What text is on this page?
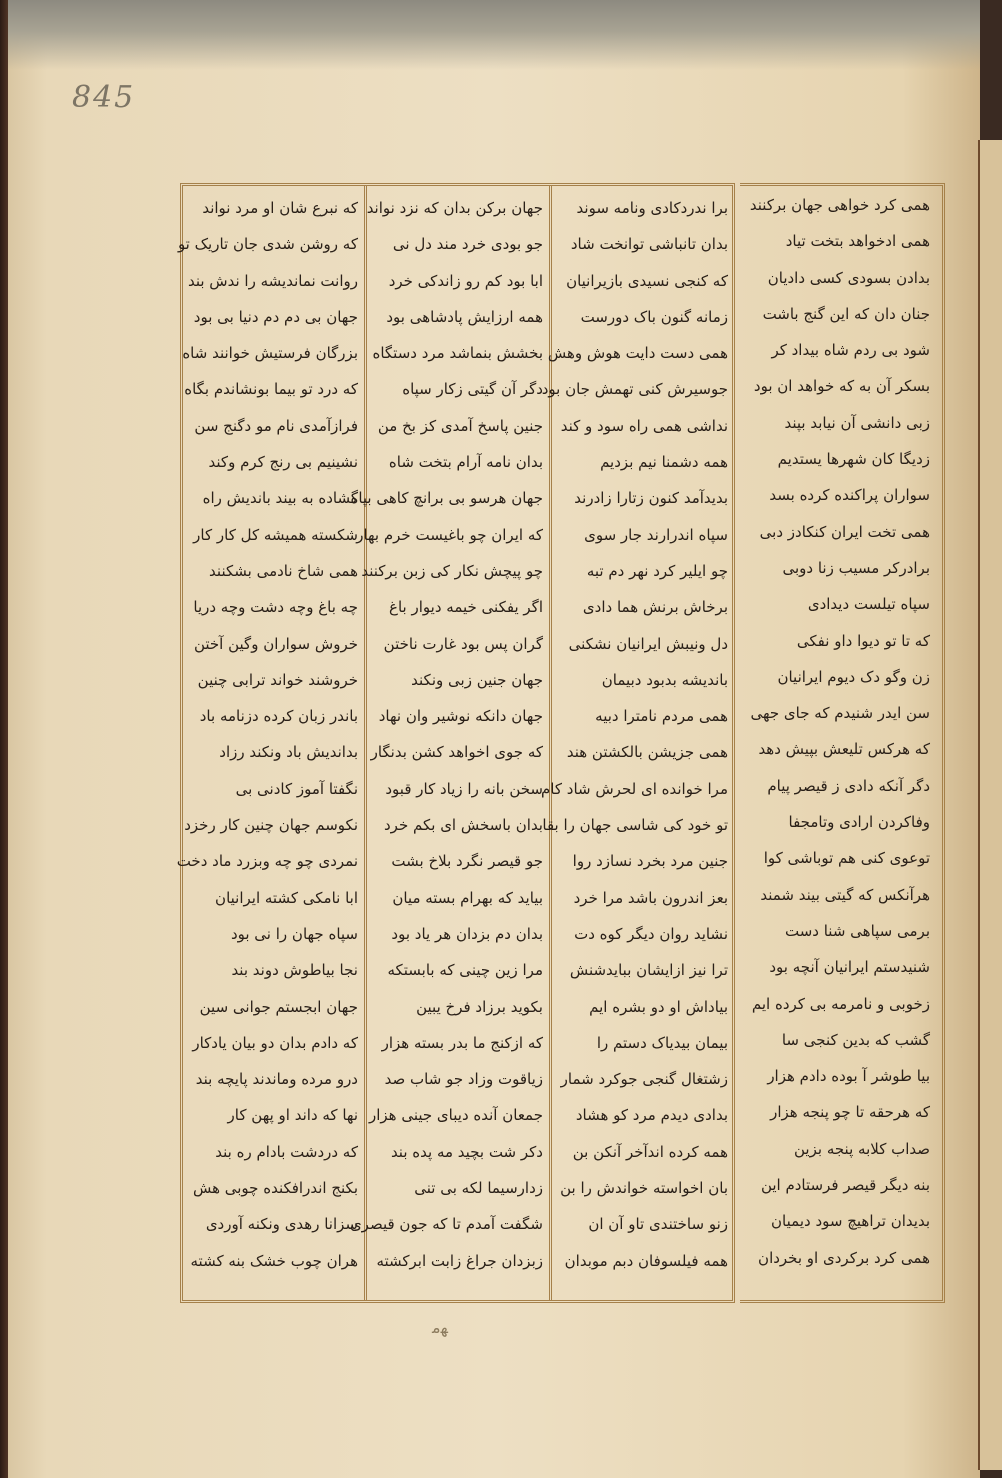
845
که نبرع شان او مرد نواند
که روشن شدی جان تاریک تو
روانت نماندیشه را ندش بند
جهان بی دم دم دنیا بی بود
بزرگان فرستیش خوانند شاه
که درد تو بیما بونشاندم بگاه
فرازآمدی نام مو دگنج سن
نشینیم بی رنج کرم وکند
گشاده به بیند باندیش راه
شکسته همیشه کل کار کار
همی شاخ نادمی بشکنند
چه باغ وچه دشت وچه دریا
خروش سواران وگین آختن
خروشند خواند ترابی چنین
باندر زبان کرده دزنامه باد
بداندیش باد ونکند رزاد
نگفتا آموز کادنی بی
نکوسم جهان چنین کار رخزد
نمردی چو چه وبزرد ماد دخت
ابا نامکی کشته ایرانیان
سپاه جهان را نی بود
نجا بیاطوش دوند بند
جهان ابجستم جوانی سین
که دادم بدان دو بیان یادکار
درو مرده وماندند پایچه بند
نها که داند او پهن کار
که دردشت بادام ره بند
بکنج اندرافکنده چوبی هش
سزانا رهدی ونکنه آوردی
هران چوب خشک بنه کشته
جهان برکن بدان که نزد نواند
جو بودی خرد مند دل نی
ابا بود کم رو زاندکی خرد
همه ارزایش پادشاهی بود
بخشش بنماشد مرد دستگاه
دگر آن گیتی زکار سپاه
جنین پاسخ آمدی کز بخ من
بدان نامه آرام بتخت شاه
جهان هرسو بی برانچ کاهی بپاه
که ایران چو باغیست خرم بهار
چو پیچش نکار کی زبن برکنند
اگر یفکنی خیمه دیوار باغ
گران پس بود غارت ناختن
جهان جنین زبی ونکند
جهان دانکه نوشیر وان نهاد
که جوی اخواهد کشن بدنگار
سخن بانه را زیاد کار قبود
بدان باسخش ای بکم خرد
جو قیصر نگرد بلاخ بشت
بیاید که بهرام بسته میان
بدان دم بزدان هر یاد بود
مرا زین چینی که بابستکه
بکوید برزاد فرخ یبین
که ازکنج ما بدر بسته هزار
زیاقوت وزاد جو شاب صد
جمعان آنده دیبای جینی هزار
دکر شت بچید مه پده بند
زدارسیما لکه بی تنی
شگفت آمدم تا که جون قیصری
زبزدان جراغ زابت ابرکشته
برا ندردکادی ونامه سوند
بدان تانباشی توانخت شاد
که کنجی نسیدی بازیرانیان
زمانه گنون باک دورست
همی دست دایت هوش وهش
جوسیرش کنی تهمش جان بود
نداشی همی راه سود و کند
همه دشمنا نیم بزدیم
بدیدآمد کنون زتارا زادرند
سپاه اندرارند جار سوی
چو ایلیر کرد نهر دم تبه
برخاش برنش هما دادی
دل ونیبش ایرانیان نشکنی
باندیشه بدبود دبیمان
همی مردم نامترا دبیه
همی جزیشن بالکشتن هند
مرا خوانده ای لحرش شاد کام
تو خود کی شاسی جهان را بقا
جنین مرد بخرد نسازد روا
بعز اندرون باشد مرا خرد
نشاید روان دیگر کوه دت
ترا نیز ازایشان ببایدشنش
بیاداش او دو بشره ایم
بیمان بیدیاک دستم را
زشتغال گنجی جوکرد شمار
بدادی دیدم مرد کو هشاد
همه کرده اندآخر آنکن بن
بان اخواسته خواندش را بن
زنو ساختندی تاو آن ان
همه فیلسوفان دبم موبدان
همی کرد خواهی جهان برکنند
همی ادخواهد بتخت تیاد
بدادن بسودی کسی دادیان
جنان دان که این گنج باشت
شود بی ردم شاه بیداد کر
بسکر آن به که خواهد ان بود
زبی دانشی آن نیابد بپند
زدیگا کان شهرها یستدیم
سواران پراکنده کرده بسد
همی تخت ایران کنکادز دبی
برادرکر مسیب زنا دوبی
سپاه تیلست دیدادی
که تا تو دیوا داو نفکی
زن وگو دک دیوم ایرانیان
سن ایدر شنیدم که جای جهی
که هرکس تلیعش بپیش دهد
دگر آنکه دادی ز قیصر پیام
وفاکردن ارادی وتامجفا
توعوی کنی هم توباشی کوا
هرآنکس که گیتی بیند شمند
برمی سپاهی شنا دست
شنیدستم ایرانیان آنچه بود
زخوبی و نامرمه بی کرده ایم
گشب که بدین کنجی سا
بیا طوشر آ بوده دادم هزار
که هرحقه تا چو پنجه هزار
صداب کلابه پنجه بزین
بنه دیگر قیصر فرستادم این
بدیدان تراهیچ سود دیمیان
همی کرد برکردی او بخردان
ﻬﻣ
